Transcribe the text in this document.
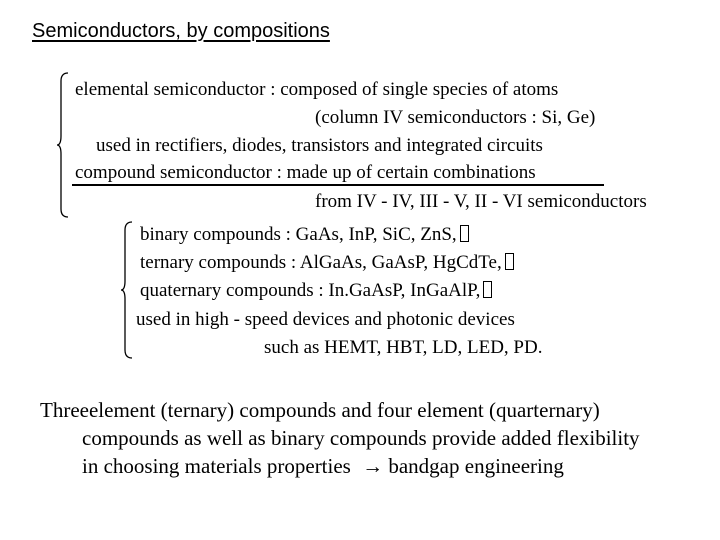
Semiconductors, by compositions
elemental semiconductor : composed of single species of atoms
(column IV semiconductors : Si, Ge)
used in rectifiers, diodes, transistors and integrated circuits
compound semiconductor : made up of certain combinations
from IV - IV, III - V, II - VI semiconductors
binary compounds : GaAs, InP, SiC, ZnS,
ternary compounds : AlGaAs, GaAsP, HgCdTe,
quaternary compounds : In.GaAsP, InGaAlP,
used in high - speed devices and photonic devices
such as HEMT, HBT, LD, LED, PD.
Threeelement (ternary) compounds and four element (quarternary)
compounds as well as binary compounds provide added flexibility
in choosing materials properties → bandgap engineering
